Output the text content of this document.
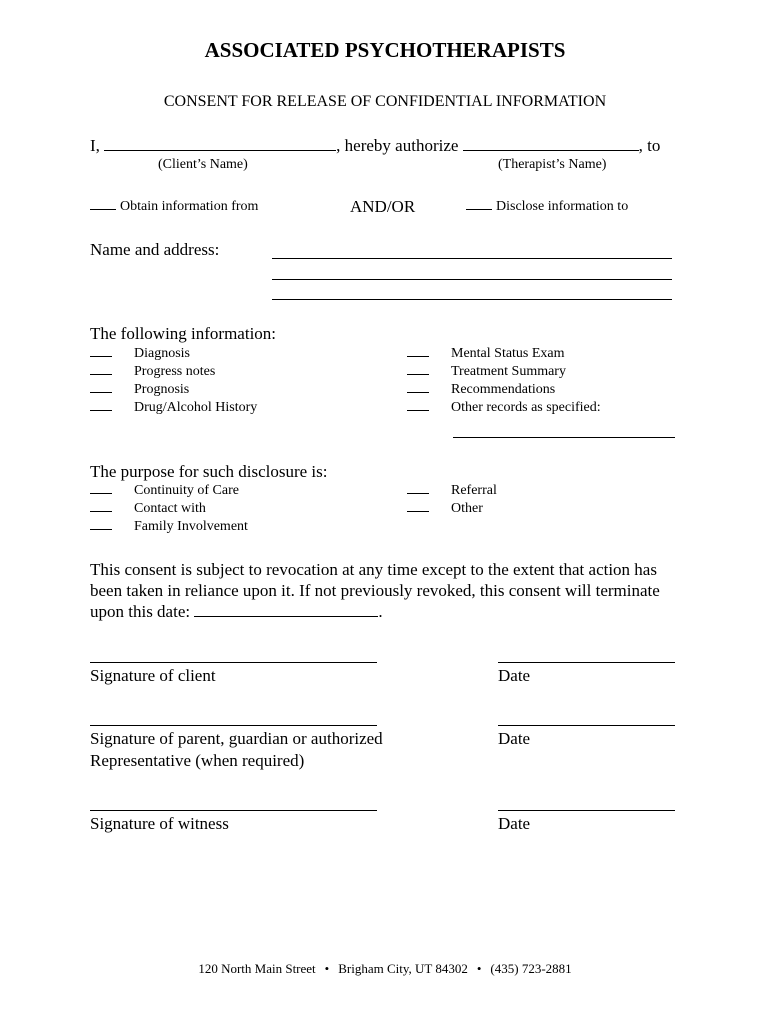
ASSOCIATED PSYCHOTHERAPISTS
CONSENT FOR RELEASE OF CONFIDENTIAL INFORMATION
I,	, hereby authorize	, to
(Client’s Name)	(Therapist’s Name)
Obtain information from	AND/OR	Disclose information to
Name and address:
The following information:
Diagnosis
Progress notes
Prognosis
Drug/Alcohol History
Mental Status Exam
Treatment Summary
Recommendations
Other records as specified:
The purpose for such disclosure is:
Continuity of Care
Contact with
Family Involvement
Referral
Other
This consent is subject to revocation at any time except to the extent that action has been taken in reliance upon it. If not previously revoked, this consent will terminate upon this date:	.
Signature of client	Date
Signature of parent, guardian or authorized
Representative (when required)
Date
Signature of witness	Date
120 North Main Street • Brigham City, UT 84302 • (435) 723-2881
